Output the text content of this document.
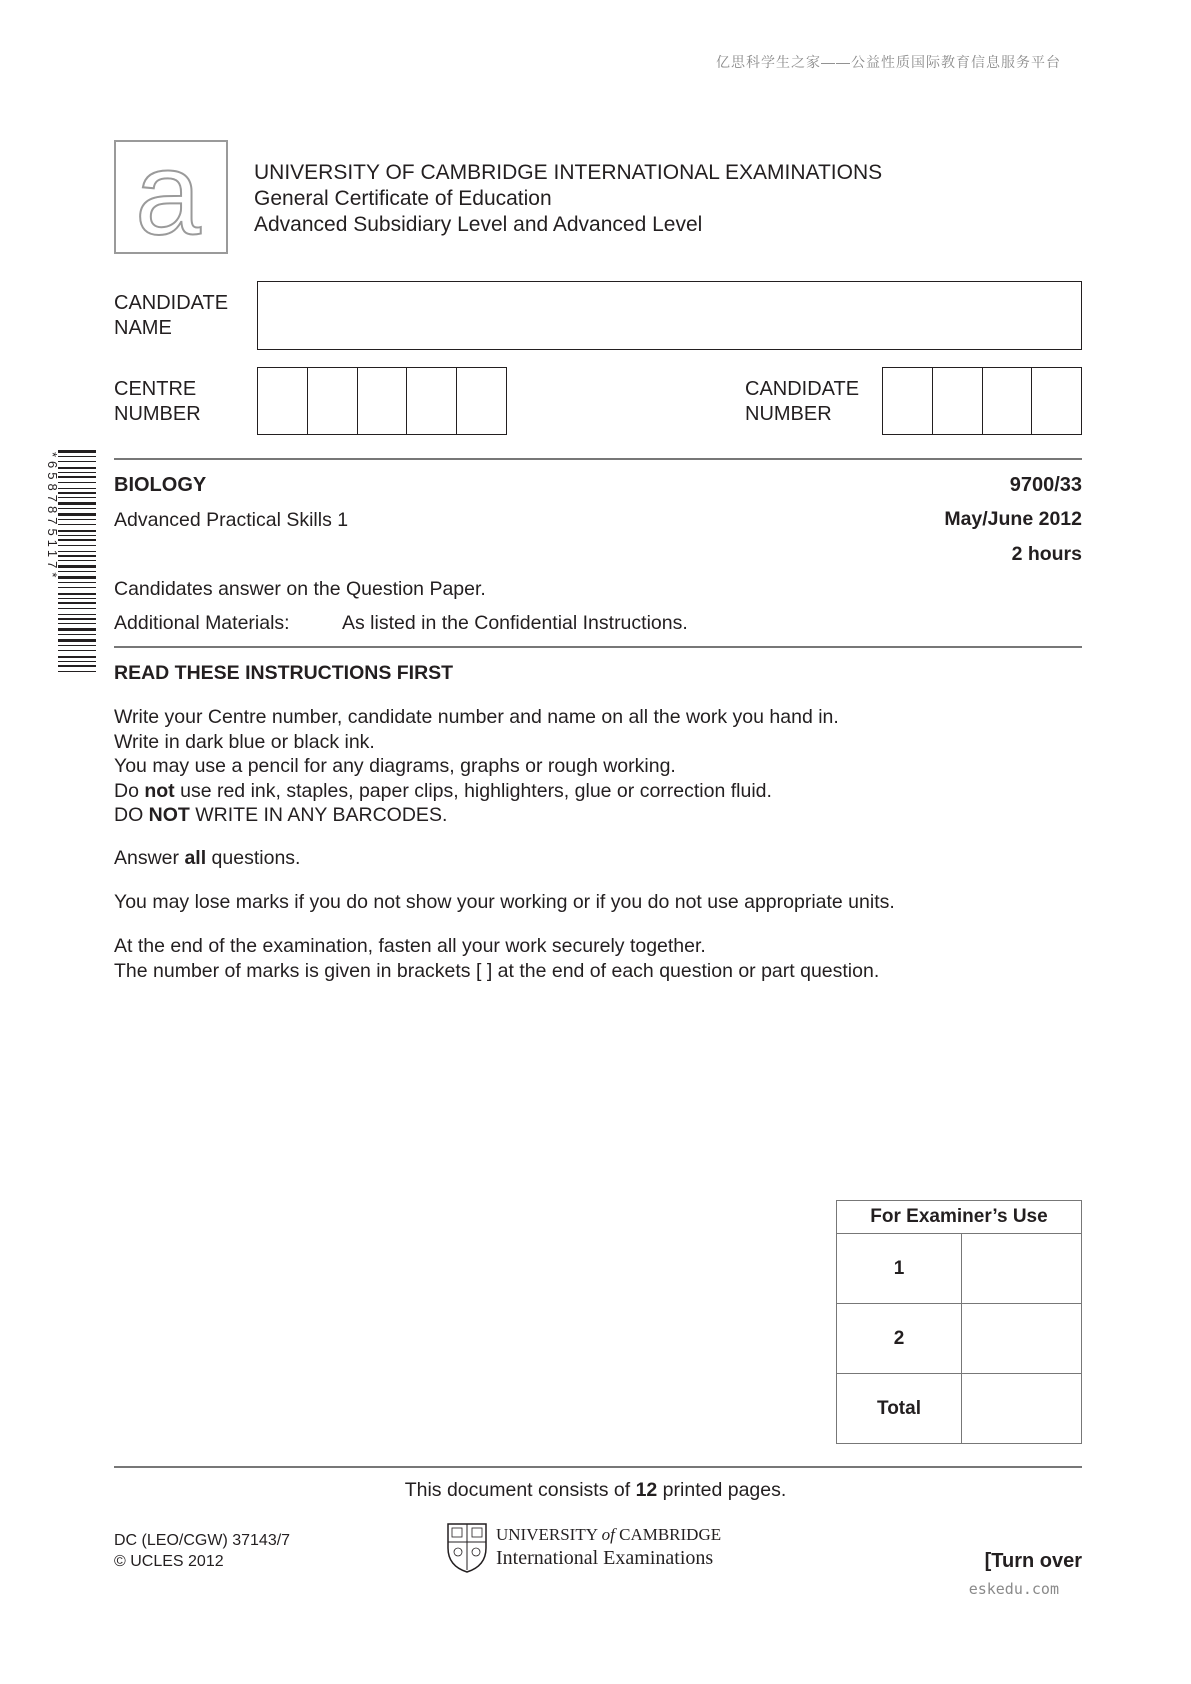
亿思科学生之家——公益性质国际教育信息服务平台
a	UNIVERSITY OF CAMBRIDGE INTERNATIONAL EXAMINATIONS
General Certificate of Education
Advanced Subsidiary Level and Advanced Level
CANDIDATE
NAME
CENTRE
NUMBER
CANDIDATE
NUMBER
*6587875117*	BIOLOGY	9700/33
Advanced Practical Skills 1	May/June 2012
2 hours
Candidates answer on the Question Paper.
Additional Materials:	As listed in the Confidential Instructions.
READ THESE INSTRUCTIONS FIRST
Write your Centre number, candidate number and name on all the work you hand in.
Write in dark blue or black ink.
You may use a pencil for any diagrams, graphs or rough working.
Do not use red ink, staples, paper clips, highlighters, glue or correction fluid.
DO NOT WRITE IN ANY BARCODES.
Answer all questions.
You may lose marks if you do not show your working or if you do not use appropriate units.
At the end of the examination, fasten all your work securely together.
The number of marks is given in brackets [ ] at the end of each question or part question.
For Examiner’s Use	
1	
2	
Total	
This document consists of 12 printed pages.
DC (LEO/CGW) 37143/7
© UCLES 2012
UNIVERSITY of CAMBRIDGE
International Examinations	[Turn over
eskedu.com
